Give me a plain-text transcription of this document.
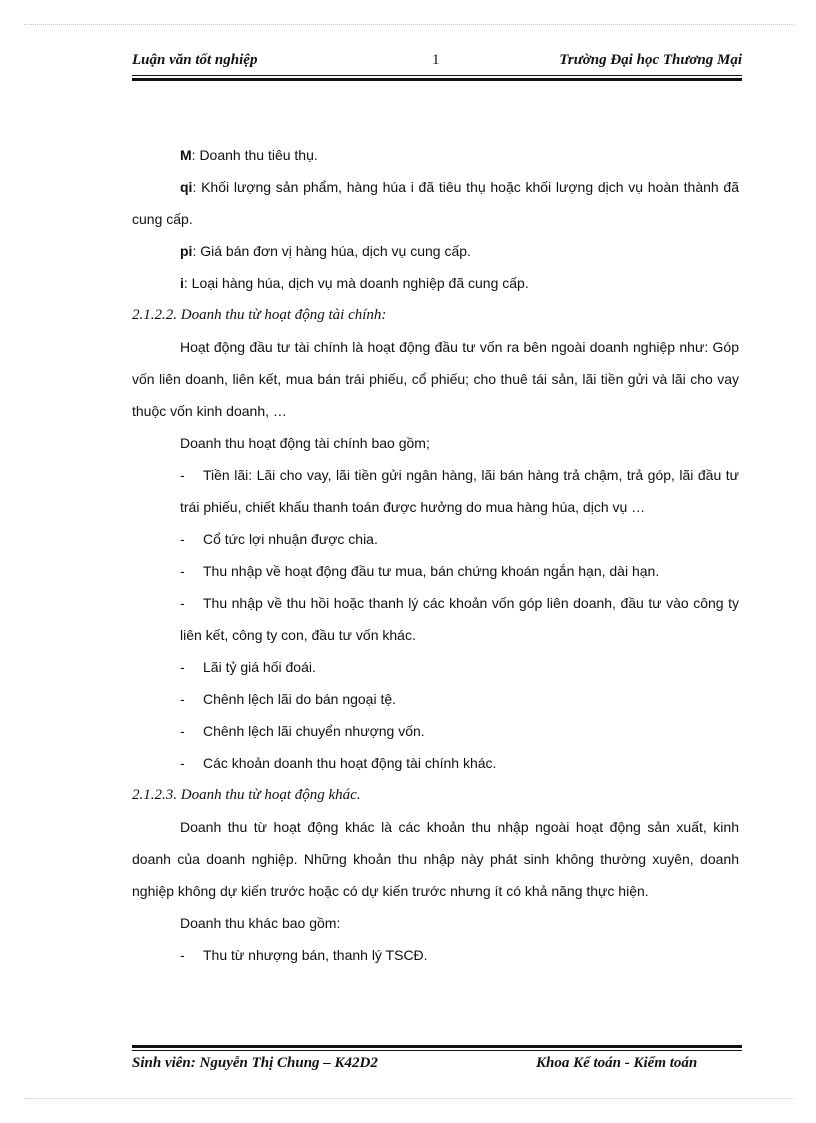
Luận văn tốt nghiệp	1	Trường Đại học Thương Mại

M: Doanh thu tiêu thụ.

qi: Khối lượng sản phẩm, hàng húa i đã tiêu thụ hoặc khối lượng dịch vụ hoàn thành đã cung cấp.

pi: Giá bán đơn vị hàng húa, dịch vụ cung cấp.

i: Loại hàng húa, dịch vụ mà doanh nghiệp đã cung cấp.

2.1.2.2. Doanh thu từ hoạt động tài chính:

Hoạt động đầu tư tài chính là hoạt động đầu tư vốn ra bên ngoài doanh nghiệp như: Góp vốn liên doanh, liên kết, mua bán trái phiếu, cổ phiếu; cho thuê tái sản, lãi tiền gửi và lãi cho vay thuộc vốn kinh doanh, …

Doanh thu hoạt động tài chính bao gồm;

- Tiền lãi: Lãi cho vay, lãi tiền gửi ngân hàng, lãi bán hàng trả chậm, trả góp, lãi đầu tư trái phiếu, chiết khấu thanh toán được hưởng do mua hàng húa, dịch vụ …

- Cổ tức lợi nhuận được chia.

- Thu nhập về hoạt động đầu tư mua, bán chứng khoán ngắn hạn, dài hạn.

- Thu nhập về thu hồi hoặc thanh lý các khoản vốn góp liên doanh, đầu tư vào công ty liên kết, công ty con, đầu tư vốn khác.

- Lãi tỷ giá hối đoái.

- Chênh lệch lãi do bán ngoại tệ.

- Chênh lệch lãi chuyển nhượng vốn.

- Các khoản doanh thu hoạt động tài chính khác.

2.1.2.3. Doanh thu từ hoạt động khác.

Doanh thu từ hoạt động khác là các khoản thu nhập ngoài hoạt động sản xuất, kinh doanh của doanh nghiệp. Những khoản thu nhập này phát sinh không thường xuyên, doanh nghiệp không dự kiến trước hoặc có dự kiến trước nhưng ít có khả năng thực hiện.

Doanh thu khác bao gồm:

- Thu từ nhượng bán, thanh lý TSCĐ.

Sinh viên: Nguyễn Thị Chung – K42D2	Khoa Kế toán - Kiểm toán
